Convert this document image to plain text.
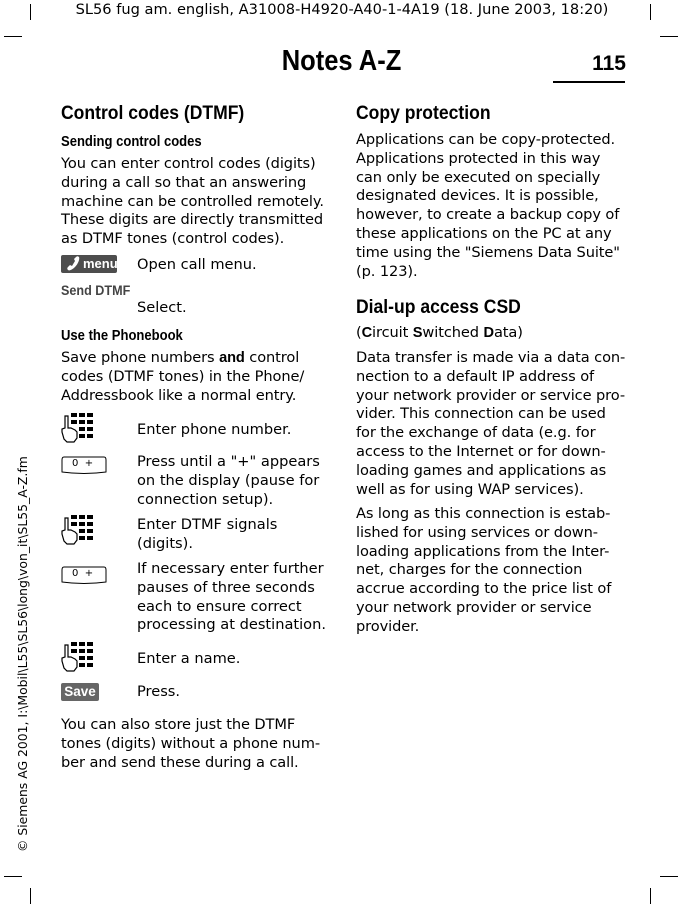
SL56 fug am. english, A31008-H4920-A40-1-4A19 (18. June 2003, 18:20)
Notes A-Z	115
© Siemens AG 2001, I:\Mobil\L55\SL56\long\von_it\SL55_A-Z.fm
Control codes (DTMF)
Sending control codes
You can enter control codes (digits)
during a call so that an answering
machine can be controlled remotely.
These digits are directly transmitted
as DTMF tones (control codes).
menu Open call menu.
Send DTMF
Select.
Use the Phonebook
Save phone numbers and control
codes (DTMF tones) in the Phone/
Addressbook like a normal entry.
Enter phone number.
0  +	Press until a "+" appears
on the display (pause for
connection setup).
Enter DTMF signals
(digits).
0  +	If necessary enter further
pauses of three seconds
each to ensure correct
processing at destination.
Enter a name.
Save	Press.
You can also store just the DTMF
tones (digits) without a phone num-
ber and send these during a call.
Copy protection
Applications can be copy-protected.
Applications protected in this way
can only be executed on specially
designated devices. It is possible,
however, to create a backup copy of
these applications on the PC at any
time using the "Siemens Data Suite"
(p. 123).
Dial-up access CSD
(Circuit Switched Data)
Data transfer is made via a data con-
nection to a default IP address of
your network provider or service pro-
vider. This connection can be used
for the exchange of data (e.g. for
access to the Internet or for down-
loading games and applications as
well as for using WAP services).
As long as this connection is estab-
lished for using services or down-
loading applications from the Inter-
net, charges for the connection
accrue according to the price list of
your network provider or service
provider.
